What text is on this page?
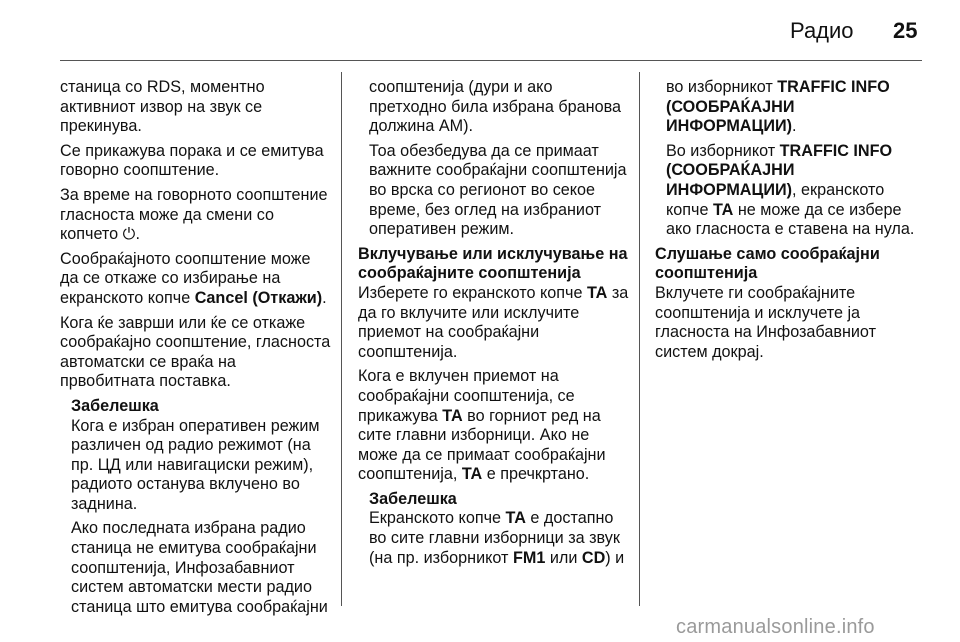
Радио	25

станица со RDS, моментно активниот извор на звук се прекинува.

Се прикажува порака и се емитува говорно соопштение.

За време на говорното соопштение гласноста може да смени со копчето ⏻.

Сообраќајното соопштение може да се откаже со избирање на екранското копче Cancel (Откажи).

Кога ќе заврши или ќе се откаже сообраќајно соопштение, гласноста автоматски се враќа на првобитната поставка.

Забелешка

Кога е избран оперативен режим различен од радио режимот (на пр. ЦД или навигациски режим), радиото останува вклучено во заднина.

Ако последната избрана радио станица не емитува сообраќајни соопштенија, Инфозабавниот систем автоматски мести радио станица што емитува сообраќајни

соопштенија (дури и ако претходно била избрана бранова должина AM).

Тоа обезбедува да се примаат важните сообраќајни соопштенија во врска со регионот во секое време, без оглед на избраниот оперативен режим.

Вклучување или исклучување на сообраќајните соопштенија

Изберете го екранското копче TA за да го вклучите или исклучите приемот на сообраќајни соопштенија.

Кога е вклучен приемот на сообраќајни соопштенија, се прикажува TA во горниот ред на сите главни изборници. Ако не може да се примаат сообраќајни соопштенија, TA е пречкртано.

Забелешка

Екранското копче TA е достапно во сите главни изборници за звук (на пр. изборникот FM1 или CD) и

во изборникот TRAFFIC INFO (СООБРАЌАЈНИ ИНФОРМАЦИИ).

Во изборникот TRAFFIC INFO (СООБРАЌАЈНИ ИНФОРМАЦИИ), екранското копче TA не може да се избере ако гласноста е ставена на нула.

Слушање само сообраќајни соопштенија

Вклучете ги сообраќајните соопштенија и исклучете ја гласноста на Инфозабавниот систем докрај.

carmanualsonline.info
